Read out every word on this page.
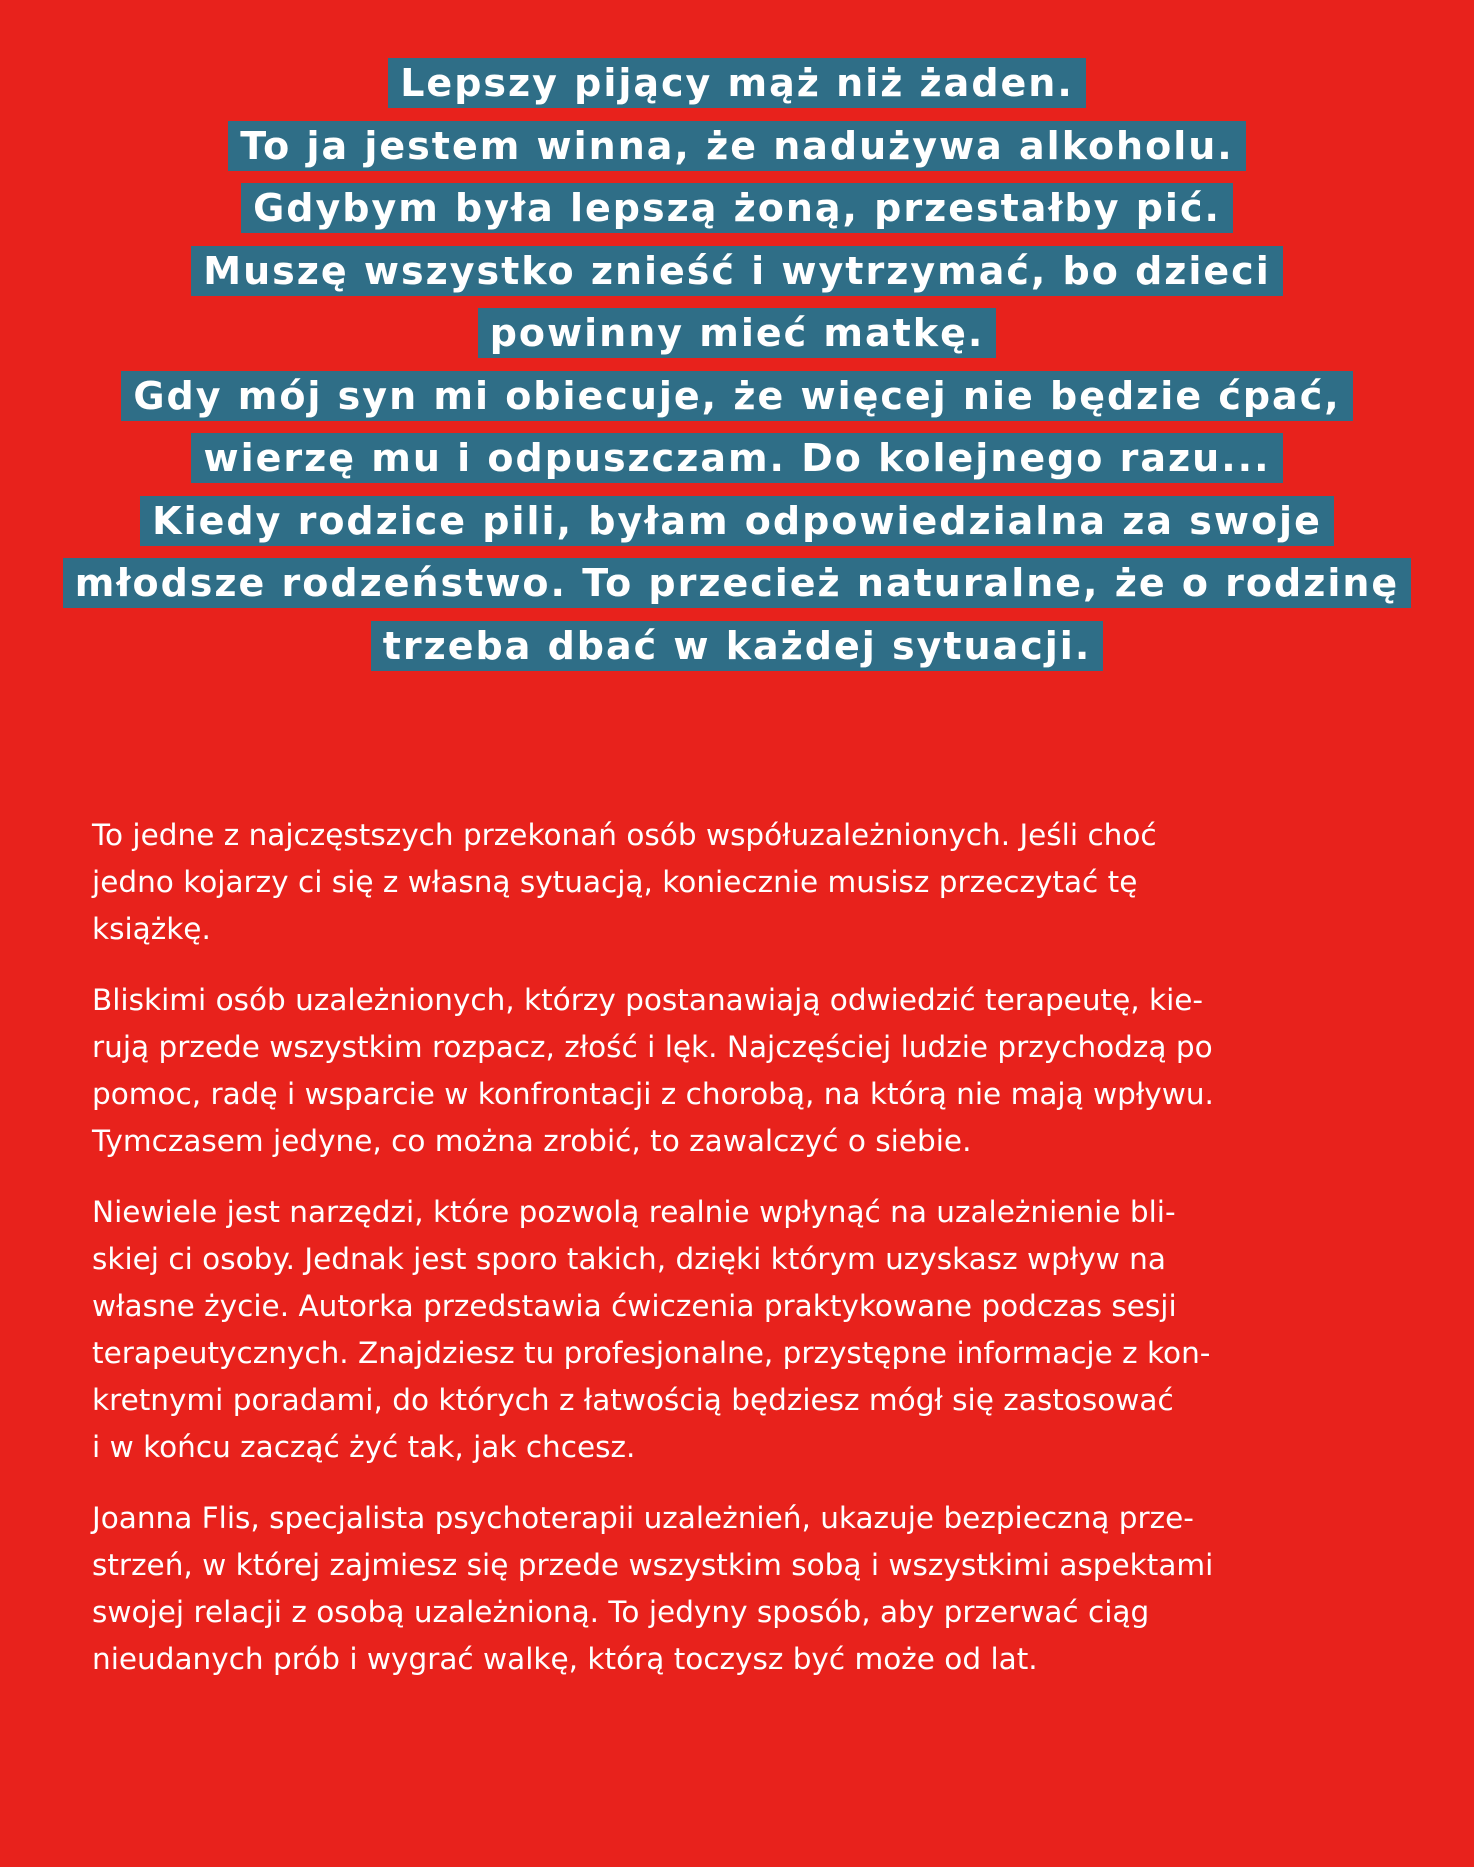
Lepszy pijący mąż niż żaden.
To ja jestem winna, że nadużywa alkoholu.
Gdybym była lepszą żoną, przestałby pić.
Muszę wszystko znieść i wytrzymać, bo dzieci
powinny mieć matkę.
Gdy mój syn mi obiecuje, że więcej nie będzie ćpać,
wierzę mu i odpuszczam. Do kolejnego razu...
Kiedy rodzice pili, byłam odpowiedzialna za swoje
młodsze rodzeństwo. To przecież naturalne, że o rodzinę
trzeba dbać w każdej sytuacji.

To jedne z najczęstszych przekonań osób współuzależnionych. Jeśli choć
jedno kojarzy ci się z własną sytuacją, koniecznie musisz przeczytać tę
książkę.

Bliskimi osób uzależnionych, którzy postanawiają odwiedzić terapeutę, kie-
rują przede wszystkim rozpacz, złość i lęk. Najczęściej ludzie przychodzą po
pomoc, radę i wsparcie w konfrontacji z chorobą, na którą nie mają wpływu.
Tymczasem jedyne, co można zrobić, to zawalczyć o siebie.

Niewiele jest narzędzi, które pozwolą realnie wpłynąć na uzależnienie bli-
skiej ci osoby. Jednak jest sporo takich, dzięki którym uzyskasz wpływ na
własne życie. Autorka przedstawia ćwiczenia praktykowane podczas sesji
terapeutycznych. Znajdziesz tu profesjonalne, przystępne informacje z kon-
kretnymi poradami, do których z łatwością będziesz mógł się zastosować
i w końcu zacząć żyć tak, jak chcesz.

Joanna Flis, specjalista psychoterapii uzależnień, ukazuje bezpieczną prze-
strzeń, w której zajmiesz się przede wszystkim sobą i wszystkimi aspektami
swojej relacji z osobą uzależnioną. To jedyny sposób, aby przerwać ciąg
nieudanych prób i wygrać walkę, którą toczysz być może od lat.
